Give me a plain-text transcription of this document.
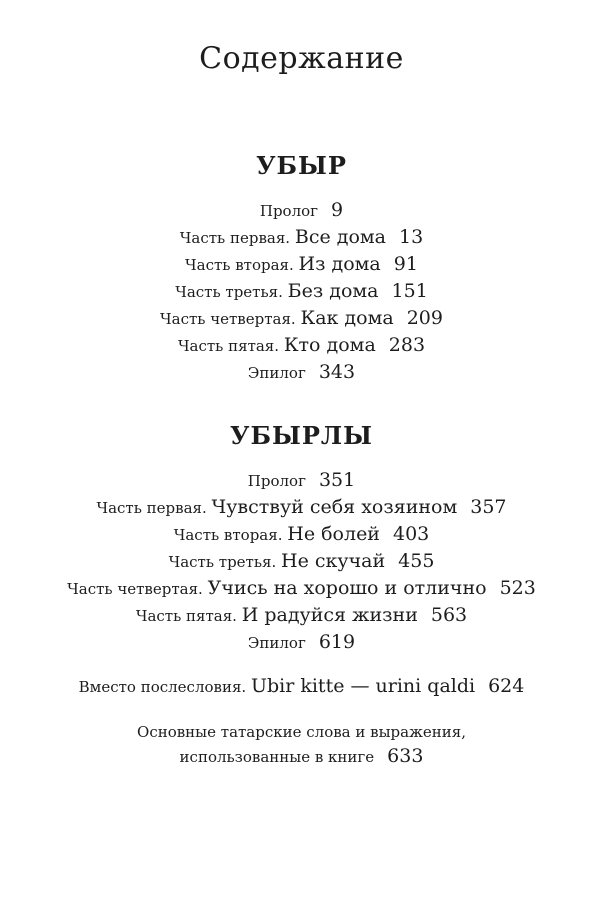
Содержание
УБЫР
Пролог 9
Часть первая. Все дома 13
Часть вторая. Из дома 91
Часть третья. Без дома 151
Часть четвертая. Как дома 209
Часть пятая. Кто дома 283
Эпилог 343
УБЫРЛЫ
Пролог 351
Часть первая. Чувствуй себя хозяином 357
Часть вторая. Не болей 403
Часть третья. Не скучай 455
Часть четвертая. Учись на хорошо и отлично 523
Часть пятая. И радуйся жизни 563
Эпилог 619
Вместо послесловия. Ubir kitte — urini qaldi 624
Основные татарские слова и выражения,
использованные в книге 633
